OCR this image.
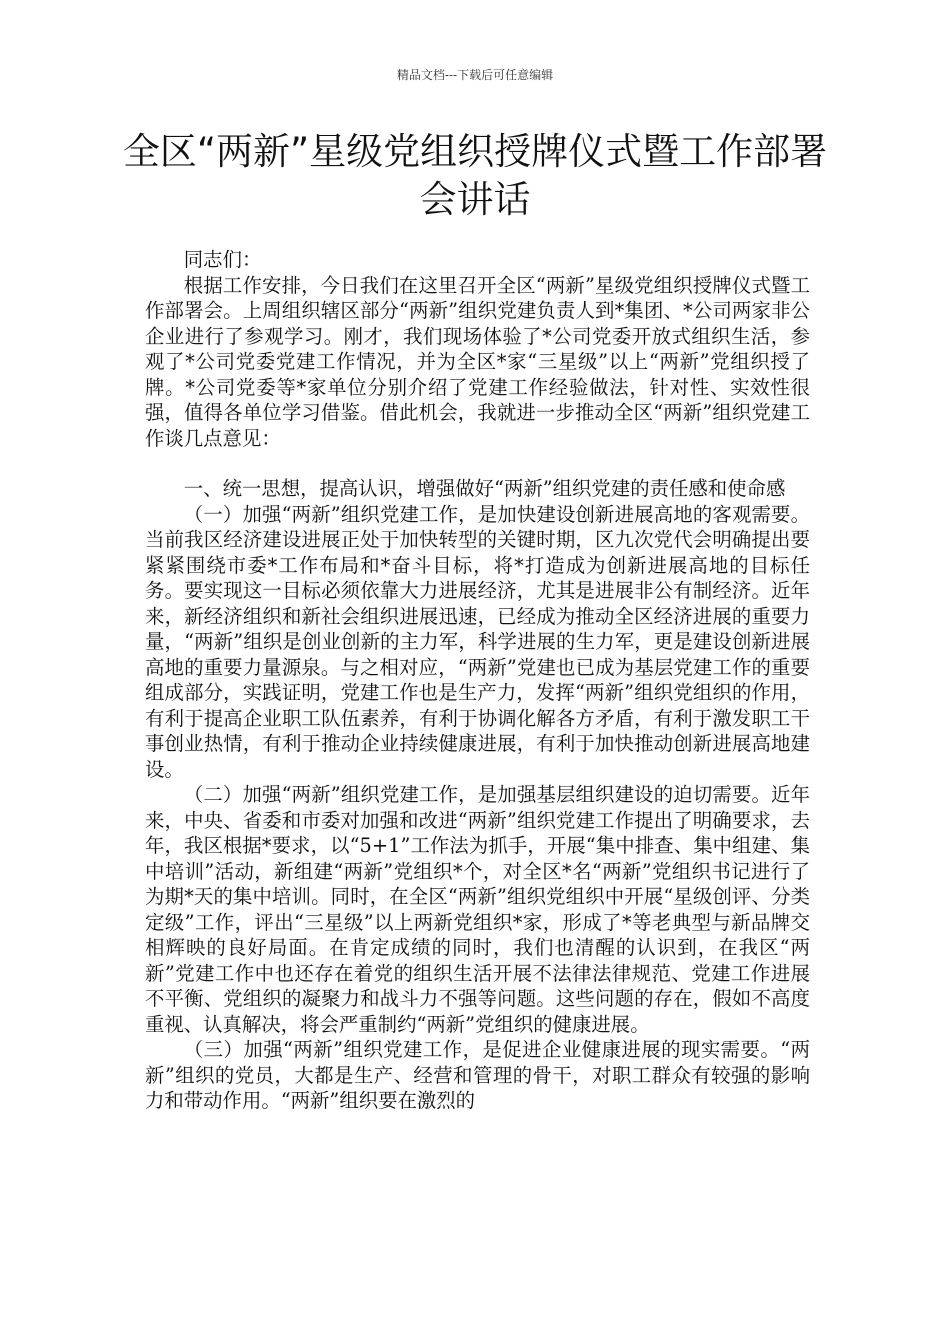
精品文档---下载后可任意编辑
全区“两新”星级党组织授牌仪式暨工作部署会讲话

同志们：

根据工作安排，今日我们在这里召开全区“两新”星级党组织授牌仪式暨工作部署会。上周组织辖区部分“两新”组织党建负责人到*集团、*公司两家非公企业进行了参观学习。刚才，我们现场体验了*公司党委开放式组织生活，参观了*公司党委党建工作情况，并为全区*家“三星级”以上“两新”党组织授了牌。*公司党委等*家单位分别介绍了党建工作经验做法，针对性、实效性很强，值得各单位学习借鉴。借此机会，我就进一步推动全区“两新”组织党建工作谈几点意见：

一、统一思想，提高认识，增强做好“两新”组织党建的责任感和使命感

（一）加强“两新”组织党建工作，是加快建设创新进展高地的客观需要。当前我区经济建设进展正处于加快转型的关键时期，区九次党代会明确提出要紧紧围绕市委*工作布局和*奋斗目标，将*打造成为创新进展高地的目标任务。要实现这一目标必须依靠大力进展经济，尤其是进展非公有制经济。近年来，新经济组织和新社会组织进展迅速，已经成为推动全区经济进展的重要力量，“两新”组织是创业创新的主力军，科学进展的生力军，更是建设创新进展高地的重要力量源泉。与之相对应，“两新”党建也已成为基层党建工作的重要组成部分，实践证明，党建工作也是生产力，发挥“两新”组织党组织的作用，有利于提高企业职工队伍素养，有利于协调化解各方矛盾，有利于激发职工干事创业热情，有利于推动企业持续健康进展，有利于加快推动创新进展高地建设。

（二）加强“两新”组织党建工作，是加强基层组织建设的迫切需要。近年来，中央、省委和市委对加强和改进“两新”组织党建工作提出了明确要求，去年，我区根据*要求，以“5+1”工作法为抓手，开展“集中排查、集中组建、集中培训”活动，新组建“两新”党组织*个，对全区*名“两新”党组织书记进行了为期*天的集中培训。同时，在全区“两新”组织党组织中开展“星级创评、分类定级”工作，评出“三星级”以上两新党组织*家，形成了*等老典型与新品牌交相辉映的良好局面。在肯定成绩的同时，我们也清醒的认识到，在我区“两新”党建工作中也还存在着党的组织生活开展不法律法律规范、党建工作进展不平衡、党组织的凝聚力和战斗力不强等问题。这些问题的存在，假如不高度重视、认真解决，将会严重制约“两新”党组织的健康进展。

（三）加强“两新”组织党建工作，是促进企业健康进展的现实需要。“两新”组织的党员，大都是生产、经营和管理的骨干，对职工群众有较强的影响力和带动作用。“两新”组织要在激烈的
